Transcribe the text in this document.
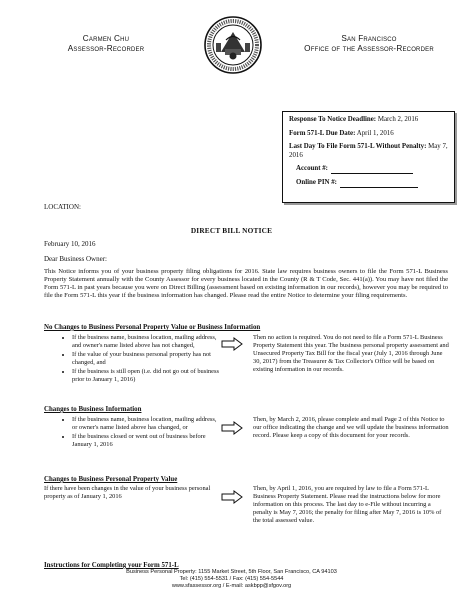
Carmen Chu
Assessor-Recorder
San Francisco
Office of the Assessor-Recorder
Response To Notice Deadline: March 2, 2016
Form 571-L Due Date: April 1, 2016
Last Day To File Form 571-L Without Penalty: May 7, 2016
Account #:
Online PIN #:
LOCATION:
DIRECT BILL NOTICE
February 10, 2016
Dear Business Owner:
This Notice informs you of your business property filing obligations for 2016. State law requires business owners to file the Form 571-L Business Property Statement annually with the County Assessor for every business located in the County (R & T Code, Sec. 441(a)). You may have not filed the Form 571-L in past years because you were on Direct Billing (assessment based on existing information in our records), however you may be required to file the Form 571-L this year if the business information has changed. Please read the entire Notice to determine your filing requirements.
No Changes to Business Personal Property Value or Business Information
• If the business name, business location, mailing address, and owner's name listed above has not changed,
• If the value of your business personal property has not changed, and
• If the business is still open (i.e. did not go out of business prior to January 1, 2016)
Then no action is required. You do not need to file a Form 571-L Business Property Statement this year. The business personal property assessment and Unsecured Property Tax Bill for the fiscal year (July 1, 2016 through June 30, 2017) from the Treasurer & Tax Collector's Office will be based on existing information in our records.
Changes to Business Information
• If the business name, business location, mailing address, or owner's name listed above has changed, or
• If the business closed or went out of business before January 1, 2016
Then, by March 2, 2016, please complete and mail Page 2 of this Notice to our office indicating the change and we will update the business information record. Please keep a copy of this document for your records.
Changes to Business Personal Property Value
If there have been changes in the value of your business personal property as of January 1, 2016
Then, by April 1, 2016, you are required by law to file a Form 571-L Business Property Statement. Please read the instructions below for more information on this process. The last day to e-File without incurring a penalty is May 7, 2016; the penalty for filing after May 7, 2016 is 10% of the total assessed value.
Instructions for Completing your Form 571-L
Business Personal Property: 1155 Market Street, 5th Floor, San Francisco, CA 94103
Tel: (415) 554-5531 / Fax: (415) 554-5544
www.sfassessor.org / E-mail: askbpp@sfgov.org
